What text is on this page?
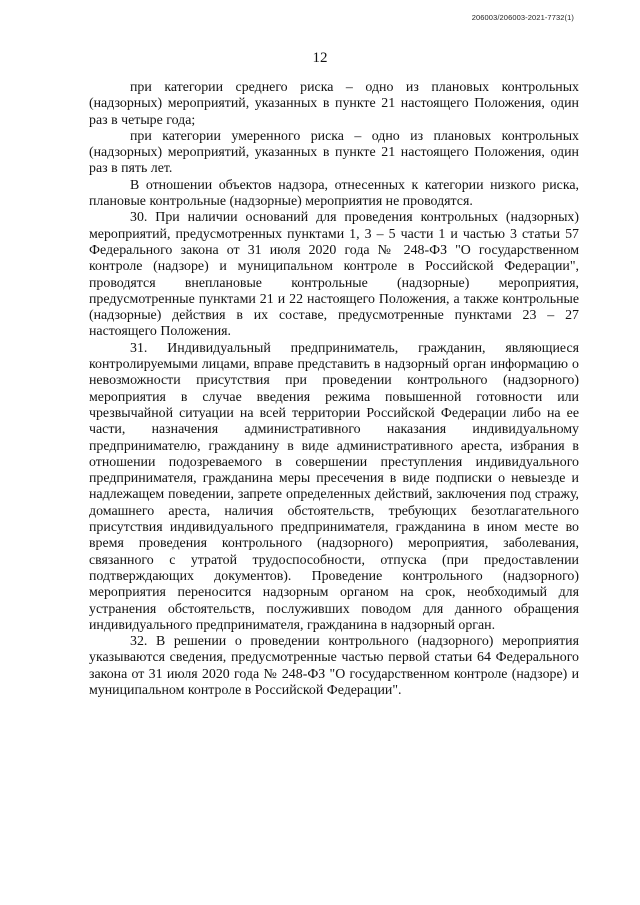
206003/206003-2021-7732(1)
12

при категории среднего риска – одно из плановых контрольных (надзорных) мероприятий, указанных в пункте 21 настоящего Положения, один раз в четыре года;

при категории умеренного риска – одно из плановых контрольных (надзорных) мероприятий, указанных в пункте 21 настоящего Положения, один раз в пять лет.

В отношении объектов надзора, отнесенных к категории низкого риска, плановые контрольные (надзорные) мероприятия не проводятся.

30. При наличии оснований для проведения контрольных (надзорных) мероприятий, предусмотренных пунктами 1, 3 – 5 части 1 и частью 3 статьи 57 Федерального закона от 31 июля 2020 года № 248-ФЗ "О государственном контроле (надзоре) и муниципальном контроле в Российской Федерации", проводятся внеплановые контрольные (надзорные) мероприятия, предусмотренные пунктами 21 и 22 настоящего Положения, а также контрольные (надзорные) действия в их составе, предусмотренные пунктами 23 – 27 настоящего Положения.

31. Индивидуальный предприниматель, гражданин, являющиеся контролируемыми лицами, вправе представить в надзорный орган информацию о невозможности присутствия при проведении контрольного (надзорного) мероприятия в случае введения режима повышенной готовности или чрезвычайной ситуации на всей территории Российской Федерации либо на ее части, назначения административного наказания индивидуальному предпринимателю, гражданину в виде административного ареста, избрания в отношении подозреваемого в совершении преступления индивидуального предпринимателя, гражданина меры пресечения в виде подписки о невыезде и надлежащем поведении, запрете определенных действий, заключения под стражу, домашнего ареста, наличия обстоятельств, требующих безотлагательного присутствия индивидуального предпринимателя, гражданина в ином месте во время проведения контрольного (надзорного) мероприятия, заболевания, связанного с утратой трудоспособности, отпуска (при предоставлении подтверждающих документов). Проведение контрольного (надзорного) мероприятия переносится надзорным органом на срок, необходимый для устранения обстоятельств, послуживших поводом для данного обращения индивидуального предпринимателя, гражданина в надзорный орган.

32. В решении о проведении контрольного (надзорного) мероприятия указываются сведения, предусмотренные частью первой статьи 64 Федерального закона от 31 июля 2020 года № 248-ФЗ "О государственном контроле (надзоре) и муниципальном контроле в Российской Федерации".
